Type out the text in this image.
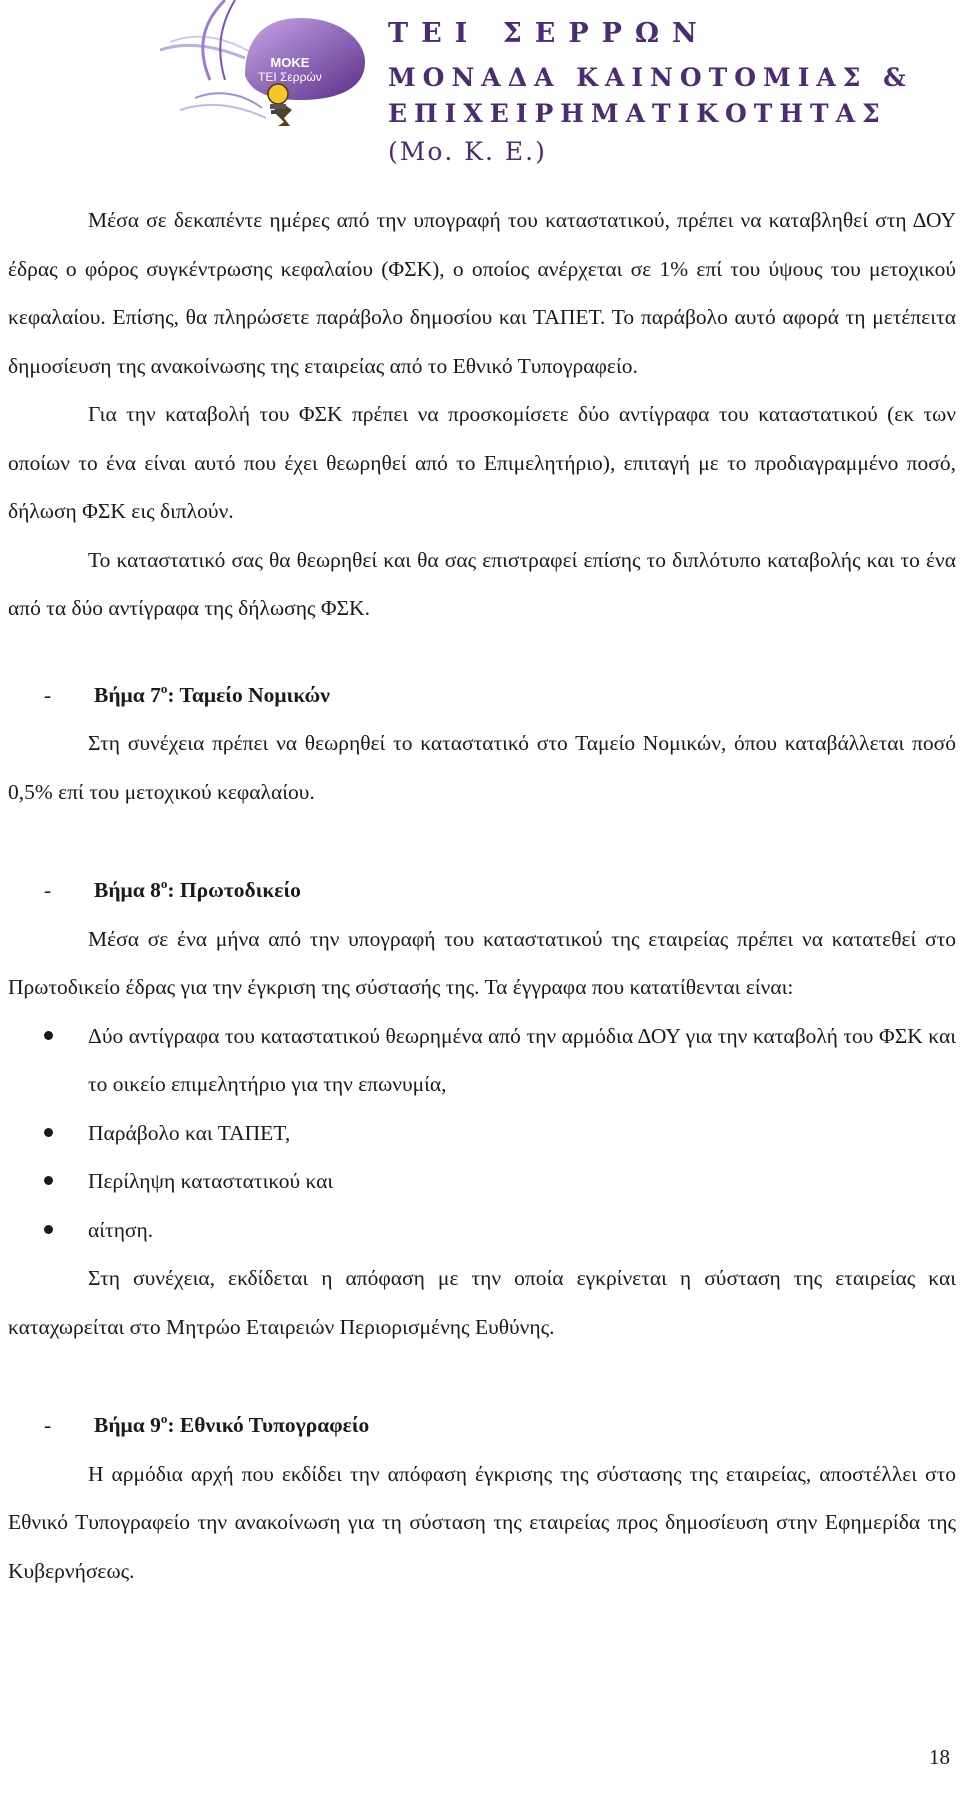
ΜΟΚΕ
ΤΕΙ Σερρών
ΤΕΙ ΣΕΡΡΩΝ
ΜΟΝΑΔΑ ΚΑΙΝΟΤΟΜΙΑΣ &
ΕΠΙΧΕΙΡΗΜΑΤΙΚΟΤΗΤΑΣ
(Μο. Κ. Ε.)

Μέσα σε δεκαπέντε ημέρες από την υπογραφή του καταστατικού, πρέπει να καταβληθεί στη ΔΟΥ έδρας ο φόρος συγκέντρωσης κεφαλαίου (ΦΣΚ), ο οποίος ανέρχεται σε 1% επί του ύψους του μετοχικού κεφαλαίου. Επίσης, θα πληρώσετε παράβολο δημοσίου και ΤΑΠΕΤ. Το παράβολο αυτό αφορά τη μετέπειτα δημοσίευση της ανακοίνωσης της εταιρείας από το Εθνικό Τυπογραφείο.

Για την καταβολή του ΦΣΚ πρέπει να προσκομίσετε δύο αντίγραφα του καταστατικού (εκ των οποίων το ένα είναι αυτό που έχει θεωρηθεί από το Επιμελητήριο), επιταγή με το προδιαγραμμένο ποσό, δήλωση ΦΣΚ εις διπλούν.

Το καταστατικό σας θα θεωρηθεί και θα σας επιστραφεί επίσης το διπλότυπο καταβολής και το ένα από τα δύο αντίγραφα της δήλωσης ΦΣΚ.

- Βήμα $7^o$: Ταμείο Νομικών

Στη συνέχεια πρέπει να θεωρηθεί το καταστατικό στο Ταμείο Νομικών, όπου καταβάλλεται ποσό 0,5% επί του μετοχικού κεφαλαίου.

- Βήμα $8^o$: Πρωτοδικείο

Μέσα σε ένα μήνα από την υπογραφή του καταστατικού της εταιρείας πρέπει να κατατεθεί στο Πρωτοδικείο έδρας για την έγκριση της σύστασής της. Τα έγγραφα που κατατίθενται είναι:

Δύο αντίγραφα του καταστατικού θεωρημένα από την αρμόδια ΔΟΥ για την καταβολή του ΦΣΚ και το οικείο επιμελητήριο για την επωνυμία,
Παράβολο και ΤΑΠΕΤ,
Περίληψη καταστατικού και
αίτηση.

Στη συνέχεια, εκδίδεται η απόφαση με την οποία εγκρίνεται η σύσταση της εταιρείας και καταχωρείται στο Μητρώο Εταιρειών Περιορισμένης Ευθύνης.

- Βήμα $9^o$: Εθνικό Τυπογραφείο

Η αρμόδια αρχή που εκδίδει την απόφαση έγκρισης της σύστασης της εταιρείας, αποστέλλει στο Εθνικό Τυπογραφείο την ανακοίνωση για τη σύσταση της εταιρείας προς δημοσίευση στην Εφημερίδα της Κυβερνήσεως.

18
